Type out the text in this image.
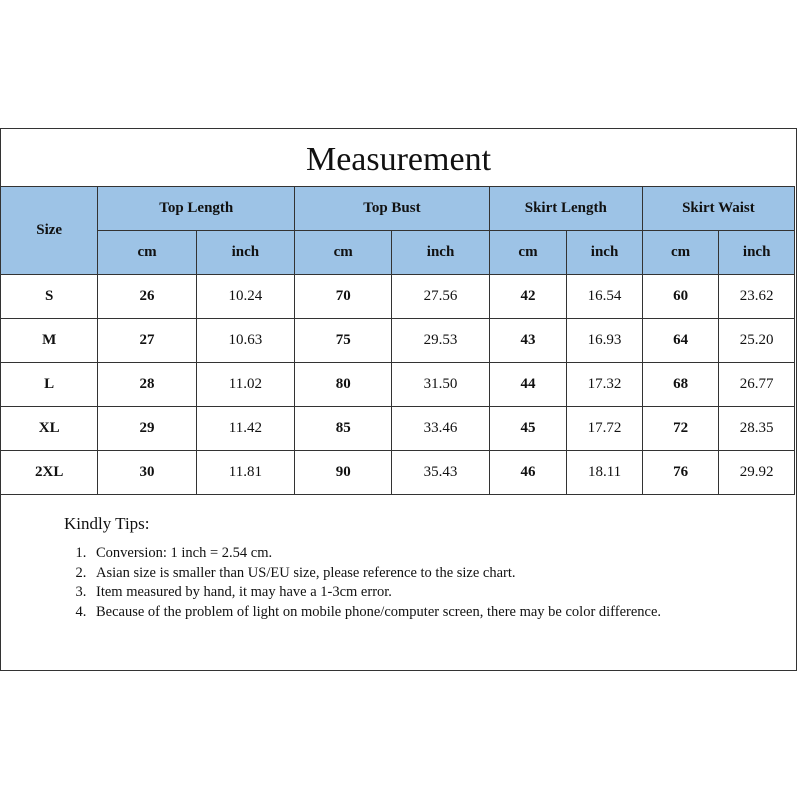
Measurement
Size	Top Length		Top Bust		Skirt Length		Skirt Waist	
	cm	inch	cm	inch	cm	inch	cm	inch
S	26	10.24	70	27.56	42	16.54	60	23.62
M	27	10.63	75	29.53	43	16.93	64	25.20
L	28	11.02	80	31.50	44	17.32	68	26.77
XL	29	11.42	85	33.46	45	17.72	72	28.35
2XL	30	11.81	90	35.43	46	18.11	76	29.92
Kindly Tips:
1. Conversion: 1 inch = 2.54 cm.
2. Asian size is smaller than US/EU size, please reference to the size chart.
3. Item measured by hand, it may have a 1-3cm error.
4. Because of the problem of light on mobile phone/computer screen, there may be color difference.
